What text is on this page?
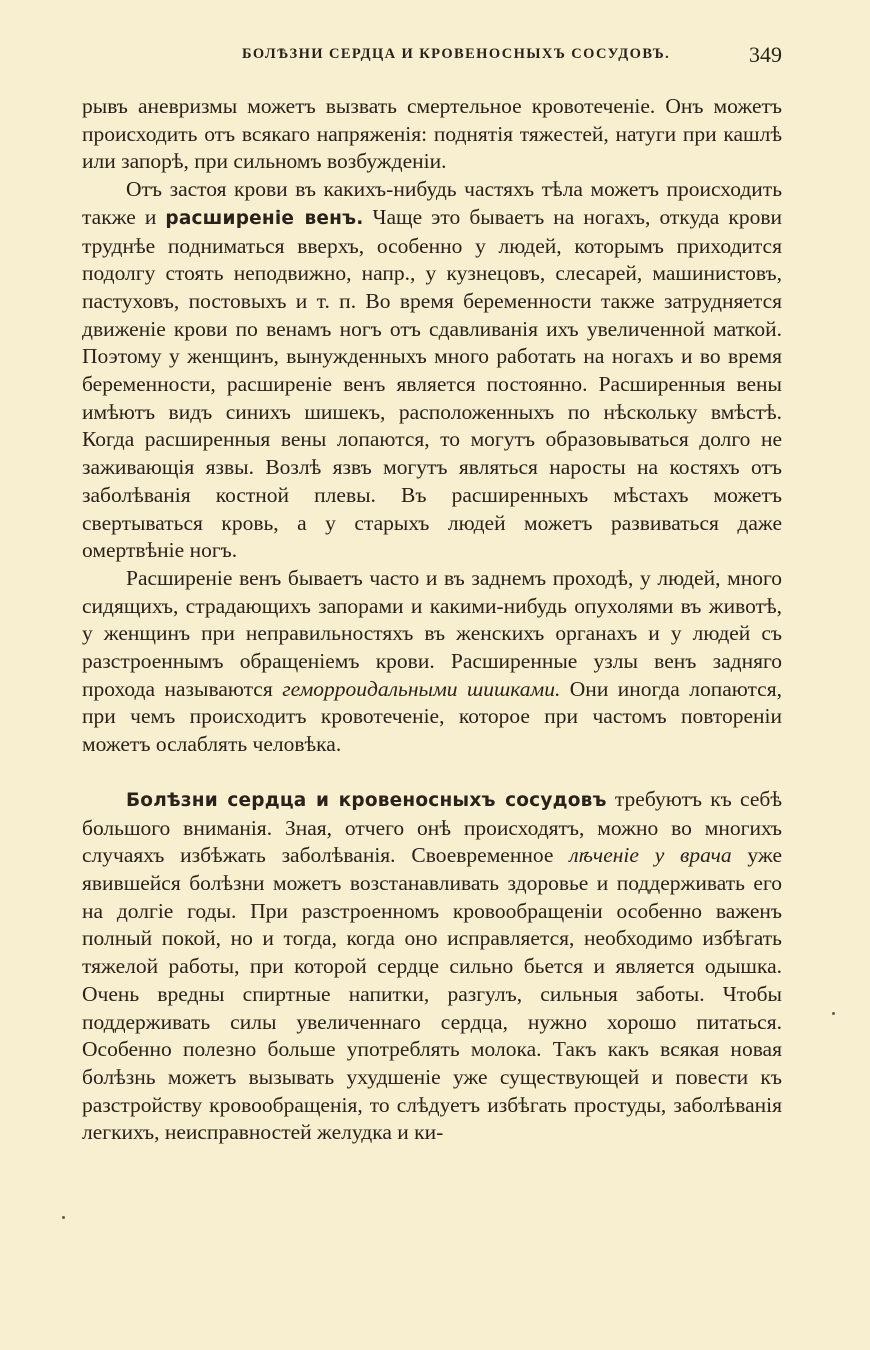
БОЛѢЗНИ СЕРДЦА И КРОВЕНОСНЫХЪ СОСУДОВЪ.	349

рывъ аневризмы можетъ вызвать смертельное кровотеченіе. Онъ можетъ происходить отъ всякаго напряженія: поднятія тяжестей, натуги при кашлѣ или запорѣ, при сильномъ возбужденіи.

Отъ застоя крови въ какихъ-нибудь частяхъ тѣла можетъ происходить также и расширеніе венъ. Чаще это бываетъ на ногахъ, откуда крови труднѣе подниматься вверхъ, особенно у людей, которымъ приходится подолгу стоять неподвижно, напр., у кузнецовъ, слесарей, машинистовъ, пастуховъ, постовыхъ и т. п. Во время беременности также затрудняется движеніе крови по венамъ ногъ отъ сдавливанія ихъ увеличенной маткой. Поэтому у женщинъ, вынужденныхъ много работать на ногахъ и во время беременности, расширеніе венъ является постоянно. Расширенныя вены имѣютъ видъ синихъ шишекъ, расположенныхъ по нѣскольку вмѣстѣ. Когда расширенныя вены лопаются, то могутъ образовываться долго не заживающія язвы. Возлѣ язвъ могутъ являться наросты на костяхъ отъ заболѣванія костной плевы. Въ расширенныхъ мѣстахъ можетъ свертываться кровь, а у старыхъ людей можетъ развиваться даже омертвѣніе ногъ.

Расширеніе венъ бываетъ часто и въ заднемъ проходѣ, у людей, много сидящихъ, страдающихъ запорами и какими-нибудь опухолями въ животѣ, у женщинъ при неправильностяхъ въ женскихъ органахъ и у людей съ разстроеннымъ обращеніемъ крови. Расширенные узлы венъ задняго прохода называются геморроидальными шишками. Они иногда лопаются, при чемъ происходитъ кровотеченіе, которое при частомъ повтореніи можетъ ослаблять человѣка.

Болѣзни сердца и кровеносныхъ сосудовъ требуютъ къ себѣ большого вниманія. Зная, отчего онѣ происходятъ, можно во многихъ случаяхъ избѣжать заболѣванія. Своевременное лѣченіе у врача уже явившейся болѣзни можетъ возстанавливать здоровье и поддерживать его на долгіе годы. При разстроенномъ кровообращеніи особенно важенъ полный покой, но и тогда, когда оно исправляется, необходимо избѣгать тяжелой работы, при которой сердце сильно бьется и является одышка. Очень вредны спиртные напитки, разгулъ, сильныя заботы. Чтобы поддерживать силы увеличеннаго сердца, нужно хорошо питаться. Особенно полезно больше употреблять молока. Такъ какъ всякая новая болѣзнь можетъ вызывать ухудшеніе уже существующей и повести къ разстройству кровообращенія, то слѣдуетъ избѣгать простуды, заболѣванія легкихъ, неисправностей желудка и ки-
